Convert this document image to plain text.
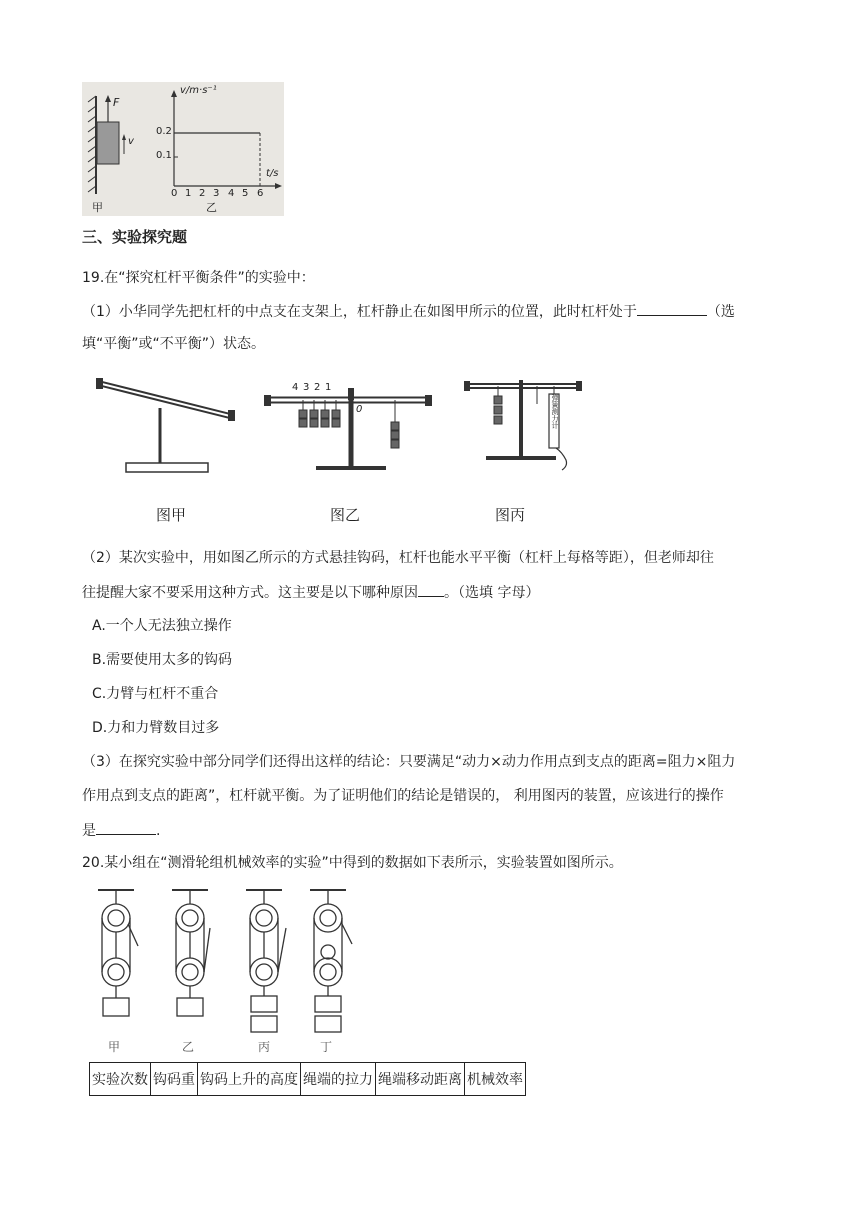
F
v
v/m·s⁻¹
t/s
0.2
0.1
0 1 2 3 4 5 6
甲	乙
三、实验探究题
19.在“探究杠杆平衡条件”的实验中：
（1）小华同学先把杠杆的中点支在支架上，杠杆静止在如图甲所示的位置，此时杠杆处于	（选
填“平衡”或“不平衡”）状态。
4 3 2 1
0	弹簧测力计
图甲	图乙	图丙
（2）某次实验中，用如图乙所示的方式悬挂钩码，杠杆也能水平平衡（杠杆上每格等距），但老师却往
往提醒大家不要采用这种方式。这主要是以下哪种原因 。（选填 字母）
A.一个人无法独立操作
B.需要使用太多的钩码
C.力臂与杠杆不重合
D.力和力臂数目过多
（3）在探究实验中部分同学们还得出这样的结论：只要满足“动力×动力作用点到支点的距离=阻力×阻力
作用点到支点的距离”，杠杆就平衡。为了证明他们的结论是错误的， 利用图丙的装置，应该进行的操作
是	.
20.某小组在“测滑轮组机械效率的实验”中得到的数据如下表所示，实验装置如图所示。
甲	乙	丙	丁
实验次数	钩码重	钩码上升的高度	绳端的拉力	绳端移动距离	机械效率
